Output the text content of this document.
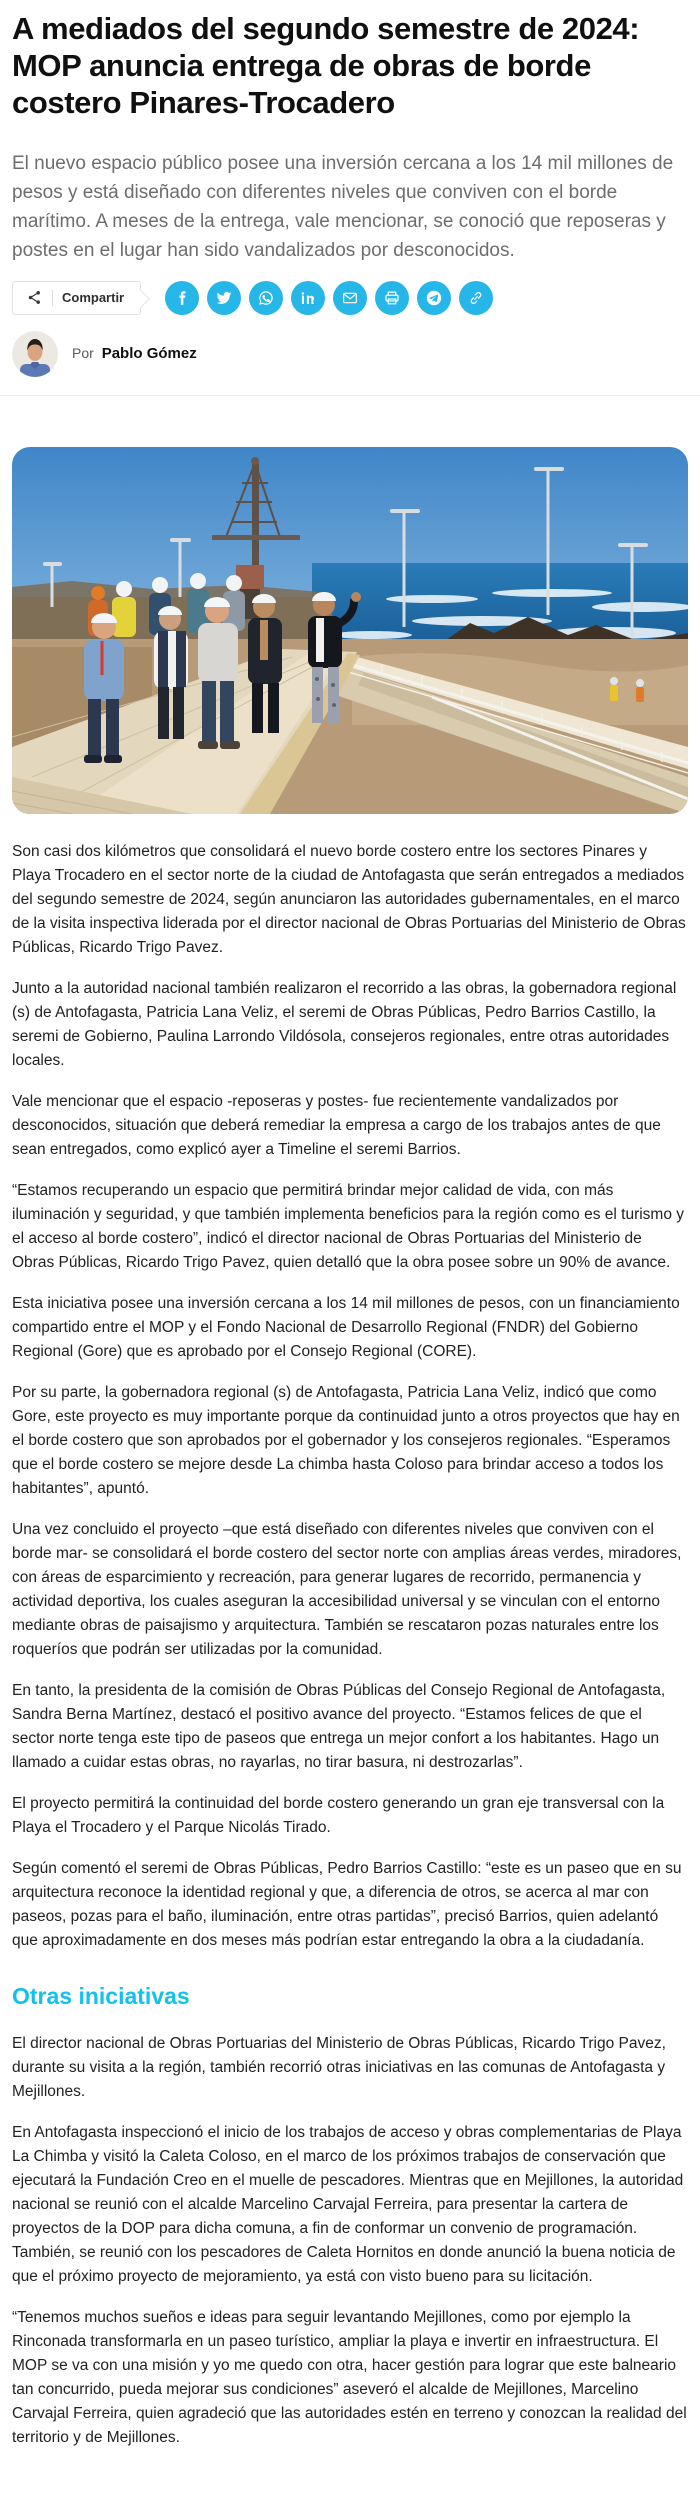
A mediados del segundo semestre de 2024: MOP anuncia entrega de obras de borde costero Pinares-Trocadero

El nuevo espacio público posee una inversión cercana a los 14 mil millones de pesos y está diseñado con diferentes niveles que conviven con el borde marítimo. A meses de la entrega, vale mencionar, se conoció que reposeras y postes en el lugar han sido vandalizados por desconocidos.

Compartir
Por Pablo Gómez

Son casi dos kilómetros que consolidará el nuevo borde costero entre los sectores Pinares y Playa Trocadero en el sector norte de la ciudad de Antofagasta que serán entregados a mediados del segundo semestre de 2024, según anunciaron las autoridades gubernamentales, en el marco de la visita inspectiva liderada por el director nacional de Obras Portuarias del Ministerio de Obras Públicas, Ricardo Trigo Pavez.

Junto a la autoridad nacional también realizaron el recorrido a las obras, la gobernadora regional (s) de Antofagasta, Patricia Lana Veliz, el seremi de Obras Públicas, Pedro Barrios Castillo, la seremi de Gobierno, Paulina Larrondo Vildósola, consejeros regionales, entre otras autoridades locales.

Vale mencionar que el espacio -reposeras y postes- fue recientemente vandalizados por desconocidos, situación que deberá remediar la empresa a cargo de los trabajos antes de que sean entregados, como explicó ayer a Timeline el seremi Barrios.

“Estamos recuperando un espacio que permitirá brindar mejor calidad de vida, con más iluminación y seguridad, y que también implementa beneficios para la región como es el turismo y el acceso al borde costero”, indicó el director nacional de Obras Portuarias del Ministerio de Obras Públicas, Ricardo Trigo Pavez, quien detalló que la obra posee sobre un 90% de avance.

Esta iniciativa posee una inversión cercana a los 14 mil millones de pesos, con un financiamiento compartido entre el MOP y el Fondo Nacional de Desarrollo Regional (FNDR) del Gobierno Regional (Gore) que es aprobado por el Consejo Regional (CORE).

Por su parte, la gobernadora regional (s) de Antofagasta, Patricia Lana Veliz, indicó que como Gore, este proyecto es muy importante porque da continuidad junto a otros proyectos que hay en el borde costero que son aprobados por el gobernador y los consejeros regionales. “Esperamos que el borde costero se mejore desde La chimba hasta Coloso para brindar acceso a todos los habitantes”, apuntó.

Una vez concluido el proyecto –que está diseñado con diferentes niveles que conviven con el borde mar- se consolidará el borde costero del sector norte con amplias áreas verdes, miradores, con áreas de esparcimiento y recreación, para generar lugares de recorrido, permanencia y actividad deportiva, los cuales aseguran la accesibilidad universal y se vinculan con el entorno mediante obras de paisajismo y arquitectura. También se rescataron pozas naturales entre los roqueríos que podrán ser utilizadas por la comunidad.

En tanto, la presidenta de la comisión de Obras Públicas del Consejo Regional de Antofagasta, Sandra Berna Martínez, destacó el positivo avance del proyecto. “Estamos felices de que el sector norte tenga este tipo de paseos que entrega un mejor confort a los habitantes. Hago un llamado a cuidar estas obras, no rayarlas, no tirar basura, ni destrozarlas”.

El proyecto permitirá la continuidad del borde costero generando un gran eje transversal con la Playa el Trocadero y el Parque Nicolás Tirado.

Según comentó el seremi de Obras Públicas, Pedro Barrios Castillo: “este es un paseo que en su arquitectura reconoce la identidad regional y que, a diferencia de otros, se acerca al mar con paseos, pozas para el baño, iluminación, entre otras partidas”, precisó Barrios, quien adelantó que aproximadamente en dos meses más podrían estar entregando la obra a la ciudadanía.

Otras iniciativas

El director nacional de Obras Portuarias del Ministerio de Obras Públicas, Ricardo Trigo Pavez, durante su visita a la región, también recorrió otras iniciativas en las comunas de Antofagasta y Mejillones.

En Antofagasta inspeccionó el inicio de los trabajos de acceso y obras complementarias de Playa La Chimba y visitó la Caleta Coloso, en el marco de los próximos trabajos de conservación que ejecutará la Fundación Creo en el muelle de pescadores. Mientras que en Mejillones, la autoridad nacional se reunió con el alcalde Marcelino Carvajal Ferreira, para presentar la cartera de proyectos de la DOP para dicha comuna, a fin de conformar un convenio de programación. También, se reunió con los pescadores de Caleta Hornitos en donde anunció la buena noticia de que el próximo proyecto de mejoramiento, ya está con visto bueno para su licitación.

“Tenemos muchos sueños e ideas para seguir levantando Mejillones, como por ejemplo la Rinconada transformarla en un paseo turístico, ampliar la playa e invertir en infraestructura. El MOP se va con una misión y yo me quedo con otra, hacer gestión para lograr que este balneario tan concurrido, pueda mejorar sus condiciones” aseveró el alcalde de Mejillones, Marcelino Carvajal Ferreira, quien agradeció que las autoridades estén en terreno y conozcan la realidad del territorio y de Mejillones.
